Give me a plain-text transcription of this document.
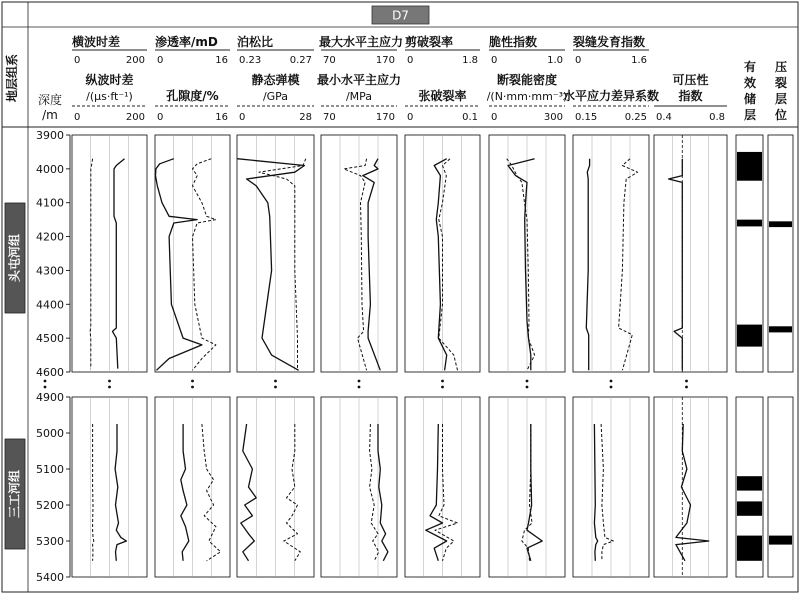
地层组系 深度
/m
有
效
储
层
压
裂
层
位
D7
横波时差
0	200
纵波时差
/(μs·ft⁻¹)
0	200
渗透率/mD
0	16
孔隙度/%
0	16
泊松比
0.23	0.27
静态弹模
/GPa
0	28
最大水平主应力
70	170
最小水平主应力
/MPa
70	170
剪破裂率
0	1.8
张破裂率
0	0.1
脆性指数
0	1.0
断裂能密度
/(N·mm·mm⁻³)
0	300
裂缝发育指数
0	1.6
水平应力差异系数
0.15	0.25
可压性
指数
0.4	0.8
3900
4000
4100
4200
4300
4400
4500
4600
4900
5000
5100
5200
5300
5400
头屯河组
三工河组
